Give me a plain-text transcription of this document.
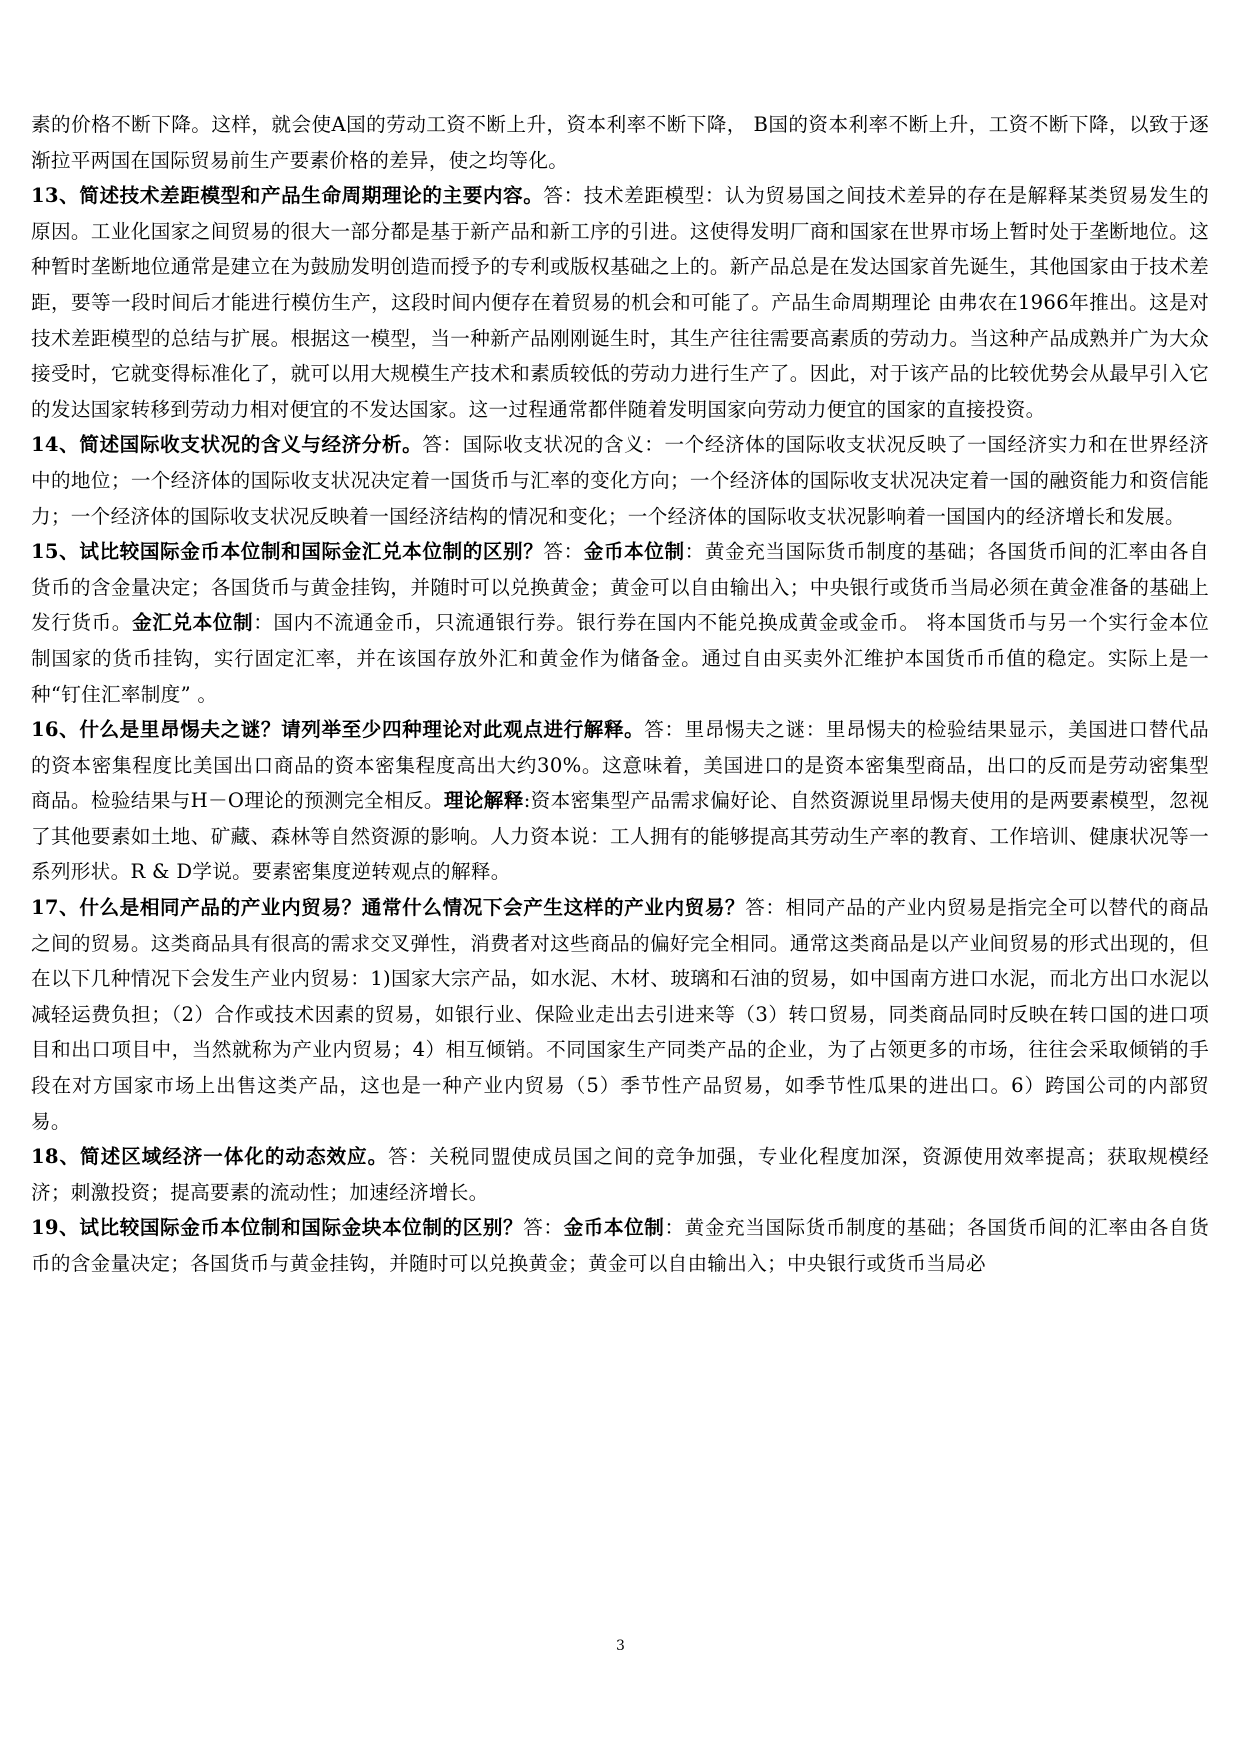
素的价格不断下降。这样，就会使A国的劳动工资不断上升，资本利率不断下降， B国的资本利率不断上升，工资不断下降，以致于逐渐拉平两国在国际贸易前生产要素价格的差异，使之均等化。

13、简述技术差距模型和产品生命周期理论的主要内容。答：技术差距模型：认为贸易国之间技术差异的存在是解释某类贸易发生的原因。工业化国家之间贸易的很大一部分都是基于新产品和新工序的引进。这使得发明厂商和国家在世界市场上暂时处于垄断地位。这种暂时垄断地位通常是建立在为鼓励发明创造而授予的专利或版权基础之上的。新产品总是在发达国家首先诞生，其他国家由于技术差距，要等一段时间后才能进行模仿生产，这段时间内便存在着贸易的机会和可能了。产品生命周期理论 由弗农在1966年推出。这是对技术差距模型的总结与扩展。根据这一模型，当一种新产品刚刚诞生时，其生产往往需要高素质的劳动力。当这种产品成熟并广为大众接受时，它就变得标准化了，就可以用大规模生产技术和素质较低的劳动力进行生产了。因此，对于该产品的比较优势会从最早引入它的发达国家转移到劳动力相对便宜的不发达国家。这一过程通常都伴随着发明国家向劳动力便宜的国家的直接投资。

14、简述国际收支状况的含义与经济分析。答：国际收支状况的含义：一个经济体的国际收支状况反映了一国经济实力和在世界经济中的地位；一个经济体的国际收支状况决定着一国货币与汇率的变化方向；一个经济体的国际收支状况决定着一国的融资能力和资信能力；一个经济体的国际收支状况反映着一国经济结构的情况和变化；一个经济体的国际收支状况影响着一国国内的经济增长和发展。

15、试比较国际金币本位制和国际金汇兑本位制的区别？答：金币本位制：黄金充当国际货币制度的基础；各国货币间的汇率由各自货币的含金量决定；各国货币与黄金挂钩，并随时可以兑换黄金；黄金可以自由输出入；中央银行或货币当局必须在黄金准备的基础上发行货币。金汇兑本位制：国内不流通金币，只流通银行券。银行券在国内不能兑换成黄金或金币。 将本国货币与另一个实行金本位制国家的货币挂钩，实行固定汇率，并在该国存放外汇和黄金作为储备金。通过自由买卖外汇维护本国货币币值的稳定。实际上是一种“钉住汇率制度” 。

16、什么是里昂惕夫之谜？请列举至少四种理论对此观点进行解释。答：里昂惕夫之谜：里昂惕夫的检验结果显示，美国进口替代品的资本密集程度比美国出口商品的资本密集程度高出大约30%。这意味着，美国进口的是资本密集型商品，出口的反而是劳动密集型商品。检验结果与H－O理论的预测完全相反。理论解释:资本密集型产品需求偏好论、自然资源说里昂惕夫使用的是两要素模型，忽视了其他要素如土地、矿藏、森林等自然资源的影响。人力资本说：工人拥有的能够提高其劳动生产率的教育、工作培训、健康状况等一系列形状。R & D学说。要素密集度逆转观点的解释。

17、什么是相同产品的产业内贸易？通常什么情况下会产生这样的产业内贸易？答：相同产品的产业内贸易是指完全可以替代的商品之间的贸易。这类商品具有很高的需求交叉弹性，消费者对这些商品的偏好完全相同。通常这类商品是以产业间贸易的形式出现的，但在以下几种情况下会发生产业内贸易：1)国家大宗产品，如水泥、木材、玻璃和石油的贸易，如中国南方进口水泥，而北方出口水泥以减轻运费负担；（2）合作或技术因素的贸易，如银行业、保险业走出去引进来等（3）转口贸易，同类商品同时反映在转口国的进口项目和出口项目中，当然就称为产业内贸易；4）相互倾销。不同国家生产同类产品的企业，为了占领更多的市场，往往会采取倾销的手段在对方国家市场上出售这类产品，这也是一种产业内贸易（5）季节性产品贸易，如季节性瓜果的进出口。6）跨国公司的内部贸易。

18、简述区域经济一体化的动态效应。答：关税同盟使成员国之间的竞争加强，专业化程度加深，资源使用效率提高；获取规模经济；刺激投资；提高要素的流动性；加速经济增长。

19、试比较国际金币本位制和国际金块本位制的区别？答：金币本位制：黄金充当国际货币制度的基础；各国货币间的汇率由各自货币的含金量决定；各国货币与黄金挂钩，并随时可以兑换黄金；黄金可以自由输出入；中央银行或货币当局必

3
